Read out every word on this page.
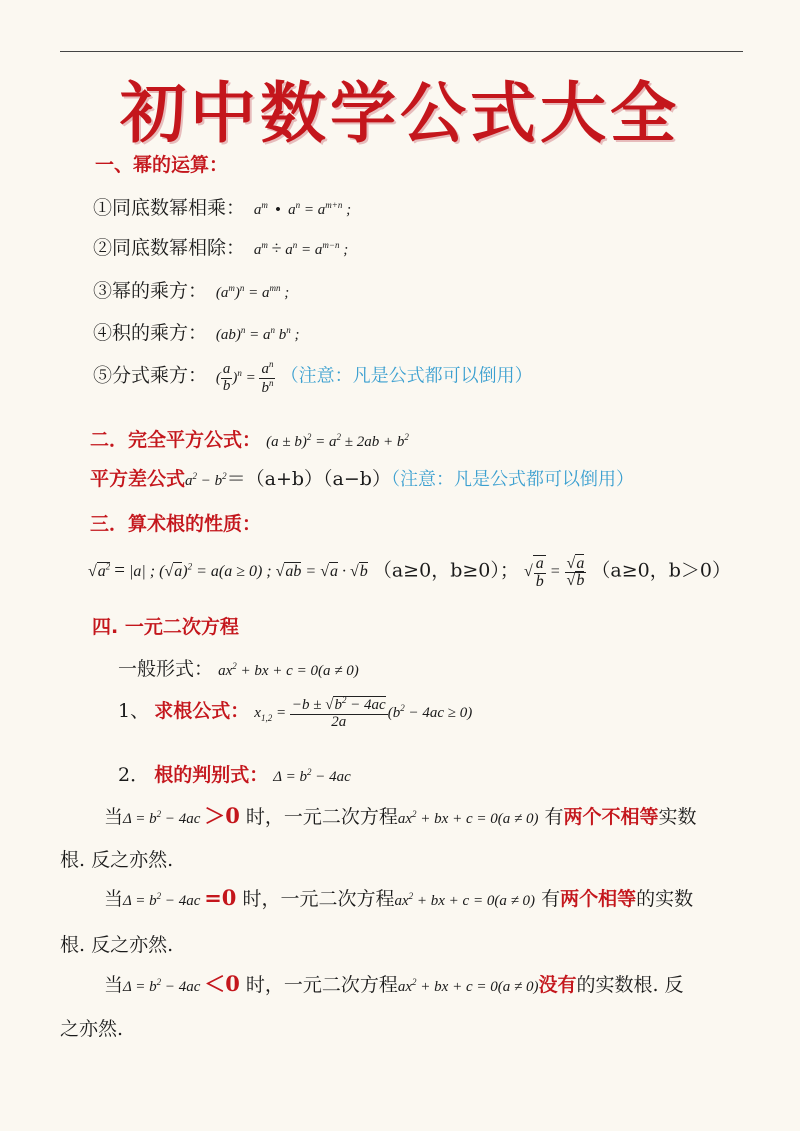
初中数学公式大全
一、幂的运算：
①同底数幂相乘：  $a^m$ •  $a^n = a^{m+n}$ ;
②同底数幂相除：  $a^m \div a^n = a^{m-n}$ ;
③幂的乘方：  $(a^m)^n = a^{mn}$ ;
④积的乘方：  $(ab)^n = a^n$ $b^n$ ;
⑤分式乘方：  ( $\frac{a}{b} )^n = \frac{a^n}{b^n}$ （注意：凡是公式都可以倒用）
二．完全平方公式： $(a \pm b)^2 = a^2 \pm 2ab + b^2$
平方差公式$a^2 - b^2=(a+b)(a-b)$（注意：凡是公式都可以倒用）
三．算术根的性质：
$√a^2 = |a|$ ; $(√a)^2 = a(a \ge 0)$ ; √ab = √a · √b （a≥0，b≥0）； √ $\frac{a}{b} = \frac{√a}{√b} (a\ge 0$，b＞0）
四. 一元二次方程
一般形式： $ax^2$ + bx + c = 0(a ≠ 0)
1、 求根公式： $x_{1,2} = \frac{-b \pm √b^2 - 4ac}{2a} (b^2 - 4ac \ge 0)$
2． 根的判别式： $\Delta = b^2 - 4ac$
当$\Delta = b^2 - 4ac >0$ 时，一元二次方程$ax^2$ + bx + c = 0(a ≠ 0) 有两个不相等实数
根. 反之亦然.
当$\Delta = b^2 - 4ac =0$ 时，一元二次方程$ax^2$ + bx + c = 0(a ≠ 0) 有两个相等的实数
根. 反之亦然.
当$\Delta = b^2 - 4ac <0$ 时，一元二次方程$ax^2$ + bx + c = 0(a ≠ 0)没有的实数根. 反
之亦然.
